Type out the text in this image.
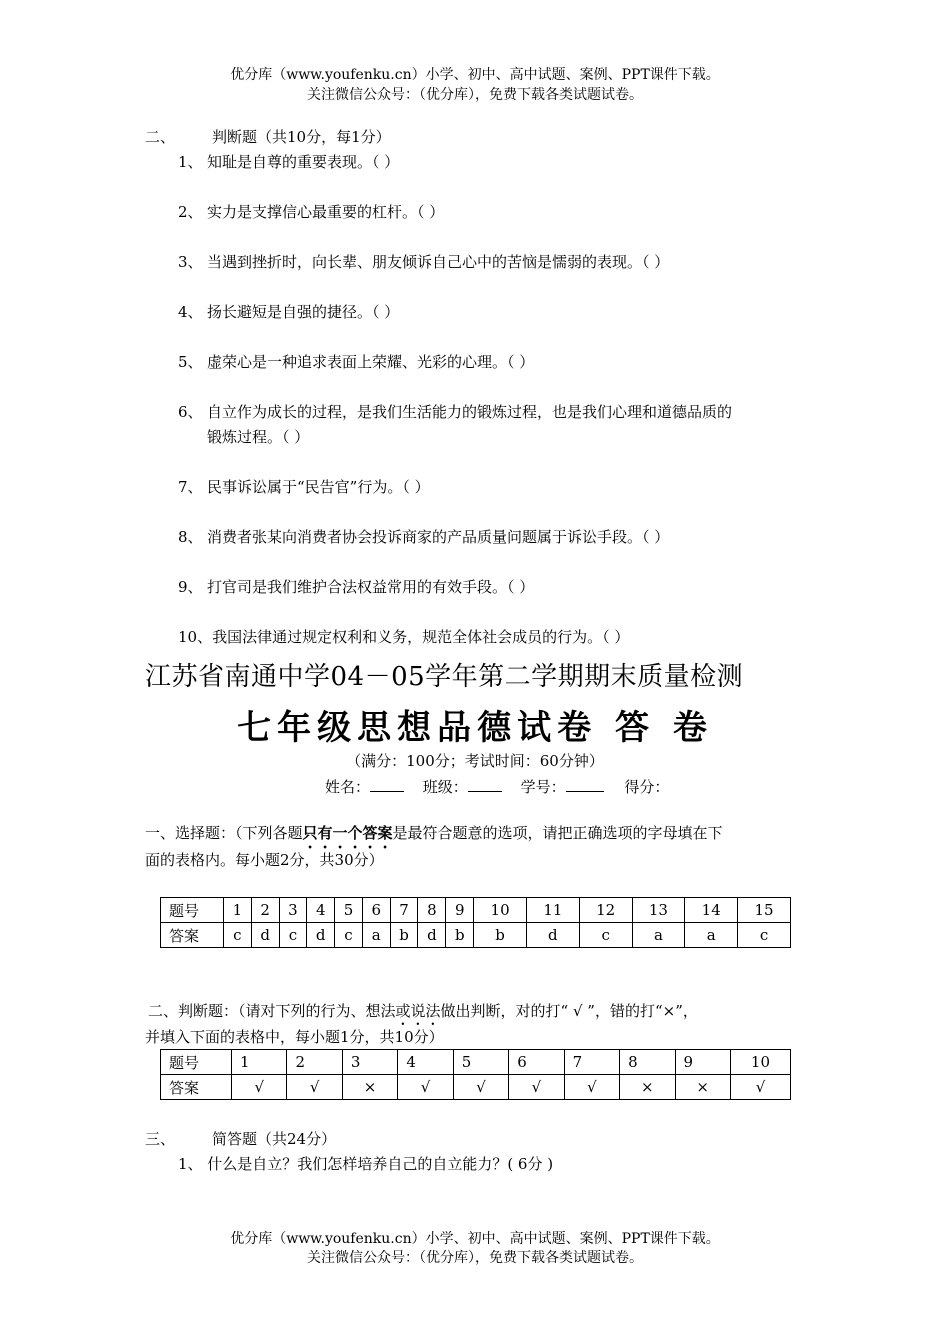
优分库（www.youfenku.cn）小学、初中、高中试题、案例、PPT课件下载。
关注微信公众号：（优分库），免费下载各类试题试卷。
二、 判断题（共10分，每1分）
1、 知耻是自尊的重要表现。（ ）
2、 实力是支撑信心最重要的杠杆。（ ）
3、 当遇到挫折时，向长辈、朋友倾诉自己心中的苦恼是懦弱的表现。（ ）
4、 扬长避短是自强的捷径。（ ）
5、 虚荣心是一种追求表面上荣耀、光彩的心理。（ ）
6、 自立作为成长的过程，是我们生活能力的锻炼过程，也是我们心理和道德品质的
锻炼过程。（ ）
7、 民事诉讼属于“民告官”行为。（ ）
8、 消费者张某向消费者协会投诉商家的产品质量问题属于诉讼手段。（ ）
9、 打官司是我们维护合法权益常用的有效手段。（ ）
10、我国法律通过规定权利和义务，规范全体社会成员的行为。（ ）
江苏省南通中学04－05学年第二学期期末质量检测
七年级思想品德试卷 答 卷
（满分：100分；考试时间：60分钟）
姓名：	班级：	学号：	得分：
一、选择题：（下列各题只有一个答案是最符合题意的选项，请把正确选项的字母填在下
面的表格内。每小题2分，共30分）
题号	1	2	3	4	5	6	7	8	9	10	11	12	13	14	15
答案	c	d	c	d	c	a	b	d	b	b	d	c	a	a	c
二、判断题：（请对下列的行为、想法或说法做出判断，对的打“ √ ”，错的打“×”，
并填入下面的表格中，每小题1分，共10分）
题号	1	2	3	4	5	6	7	8	9	10
答案	√	√	×	√	√	√	√	×	×	√
三、 简答题（共24分）
1、 什么是自立？我们怎样培养自己的自立能力？( 6分 )
优分库（www.youfenku.cn）小学、初中、高中试题、案例、PPT课件下载。
关注微信公众号：（优分库），免费下载各类试题试卷。
